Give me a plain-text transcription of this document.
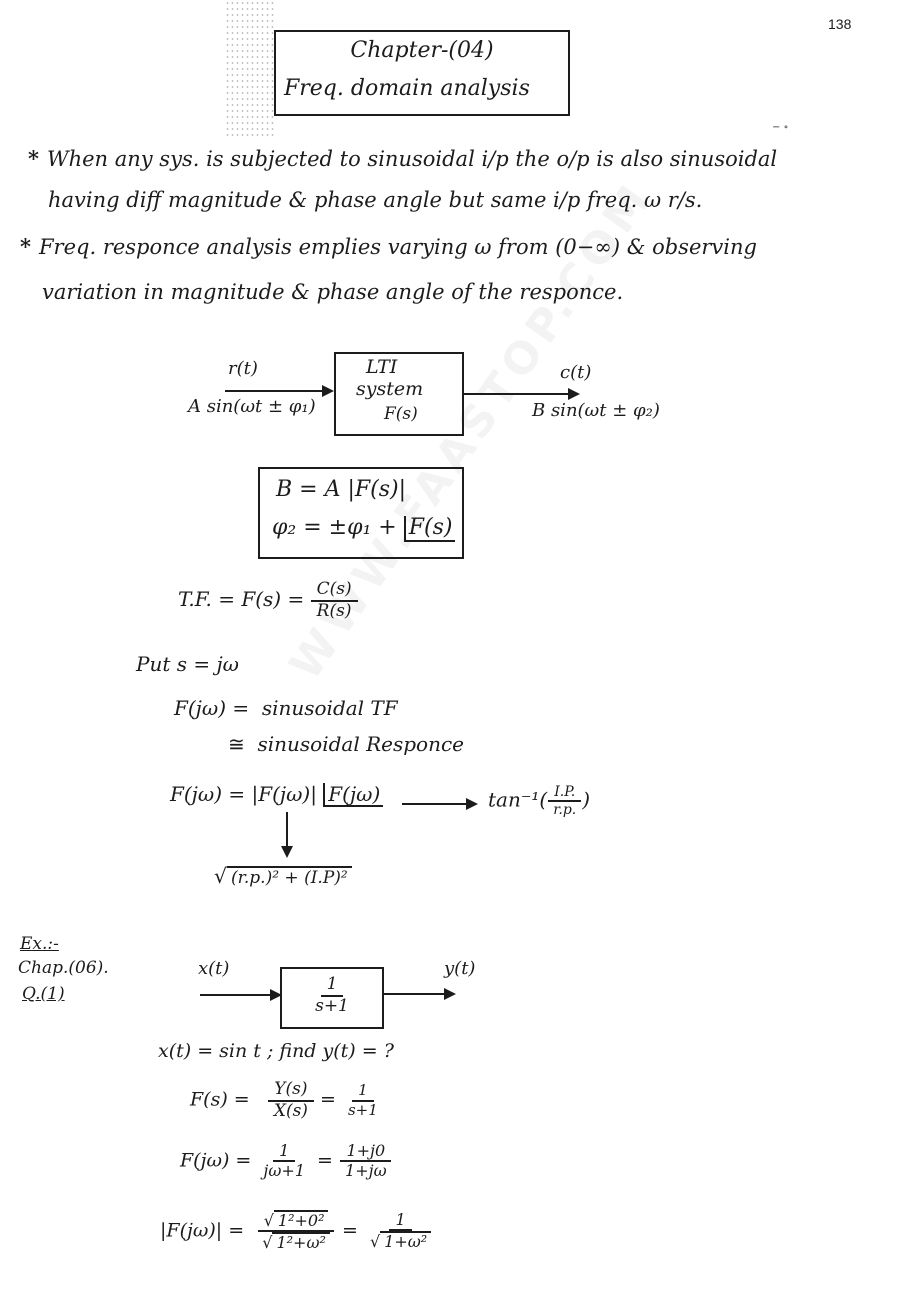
138
Chapter-(04)
Freq. domain analysis
− ∘
* When any sys. is subjected to sinusoidal i/p the o/p is also sinusoidal
having diff magnitude & phase angle but same i/p freq. ω r/s.
* Freq. responce analysis emplies varying ω from (0−∞) & observing
variation in magnitude & phase angle of the responce.
r(t)
A sin(ωt ± φ₁)
LTI
system
F(s)
c(t)
B sin(ωt ± φ₂)
B = A |F(s)|
φ₂ = ±φ₁ + F(s)
T.F. = $F(s) = \frac{C(s)}{R(s)}$
Put s = jω
F(jω) = sinusoidal TF
≅ sinusoidal Responce
F(jω) = |F(jω)| F(jω)	$\tan^{-1}( \frac{I.P.}{r.p.}$ )
√ (r.p.)² + (I.P)²
Ex.:-
Chap.(06).
Q.(1)
x(t)
$\frac{1}{s+1}$
y(t)
x(t) = sin t ; find y(t) = ?
$F(s) = \frac{Y(s)}{X(s)} = \frac{1}{s+1}$
$F(j\omega) = \frac{1}{j\omega+1} = \frac{1+j0}{1+j\omega}$
$|F(j\omega)| = \frac{\text{√ 1²+0²}}{\text{√ 1²+ω²}} = \frac{1}{\text{√ 1+ω²}}$
